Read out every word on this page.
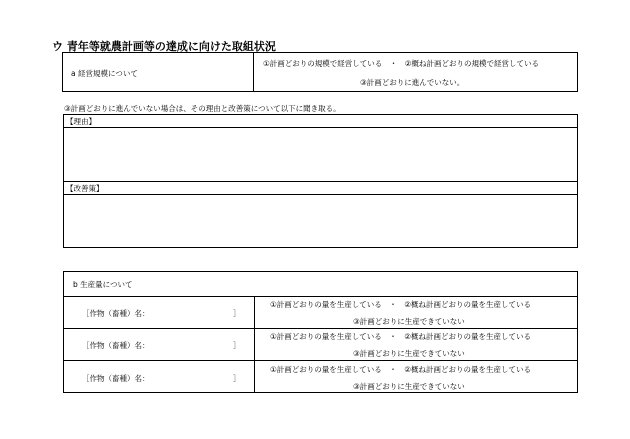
ウ 青年等就農計画等の達成に向けた取組状況
a 経営規模について
①計画どおりの規模で経営している　・　②概ね計画どおりの規模で経営している
③計画どおりに進んでいない。
③計画どおりに進んでいない場合は、その理由と改善策について以下に聞き取る。
【理由】
【改善策】
b 生産量について
［作物（畜種）名：	］
①計画どおりの量を生産している　・　②概ね計画どおりの量を生産している
③計画どおりに生産できていない
［作物（畜種）名：	］
①計画どおりの量を生産している　・　②概ね計画どおりの量を生産している
③計画どおりに生産できていない
［作物（畜種）名：	］
①計画どおりの量を生産している　・　②概ね計画どおりの量を生産している
③計画どおりに生産できていない
